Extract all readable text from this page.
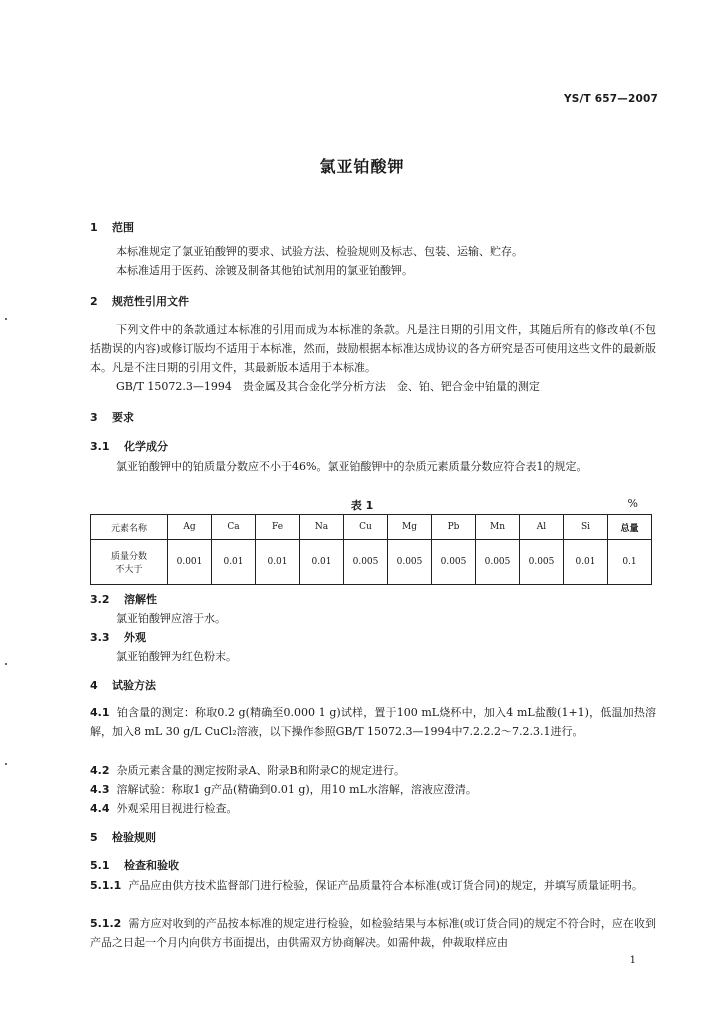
YS/T 657—2007
氯亚铂酸钾
1 范围
本标准规定了氯亚铂酸钾的要求、试验方法、检验规则及标志、包装、运输、贮存。
本标准适用于医药、涂镀及制备其他铂试剂用的氯亚铂酸钾。
2 规范性引用文件
下列文件中的条款通过本标准的引用而成为本标准的条款。凡是注日期的引用文件，其随后所有的修改单(不包括勘误的内容)或修订版均不适用于本标准，然而，鼓励根据本标准达成协议的各方研究是否可使用这些文件的最新版本。凡是不注日期的引用文件，其最新版本适用于本标准。
GB/T 15072.3—1994　贵金属及其合金化学分析方法　金、铂、钯合金中铂量的测定
3 要求
3.1 化学成分
氯亚铂酸钾中的铂质量分数应不小于46%。氯亚铂酸钾中的杂质元素质量分数应符合表1的规定。
表 1	%
元素名称	Ag	Ca	Fe	Na	Cu	Mg	Pb	Mn	Al	Si	总量

质量分数
不大于	0.001	0.01	0.01	0.01	0.005	0.005	0.005	0.005	0.005	0.01	0.1
3.2 溶解性
氯亚铂酸钾应溶于水。
3.3 外观
氯亚铂酸钾为红色粉末。
4 试验方法
4.1 铂含量的测定：称取0.2 g(精确至0.000 1 g)试样，置于100 mL烧杯中，加入4 mL盐酸(1+1)，低温加热溶解，加入8 mL 30 g/L CuCl₂溶液，以下操作参照GB/T 15072.3—1994中7.2.2.2～7.2.3.1进行。
4.2 杂质元素含量的测定按附录A、附录B和附录C的规定进行。
4.3 溶解试验：称取1 g产品(精确到0.01 g)，用10 mL水溶解，溶液应澄清。
4.4 外观采用目视进行检查。
5 检验规则
5.1 检查和验收
5.1.1 产品应由供方技术监督部门进行检验，保证产品质量符合本标准(或订货合同)的规定，并填写质量证明书。
5.1.2 需方应对收到的产品按本标准的规定进行检验，如检验结果与本标准(或订货合同)的规定不符合时，应在收到产品之日起一个月内向供方书面提出，由供需双方协商解决。如需仲裁，仲裁取样应由
1
